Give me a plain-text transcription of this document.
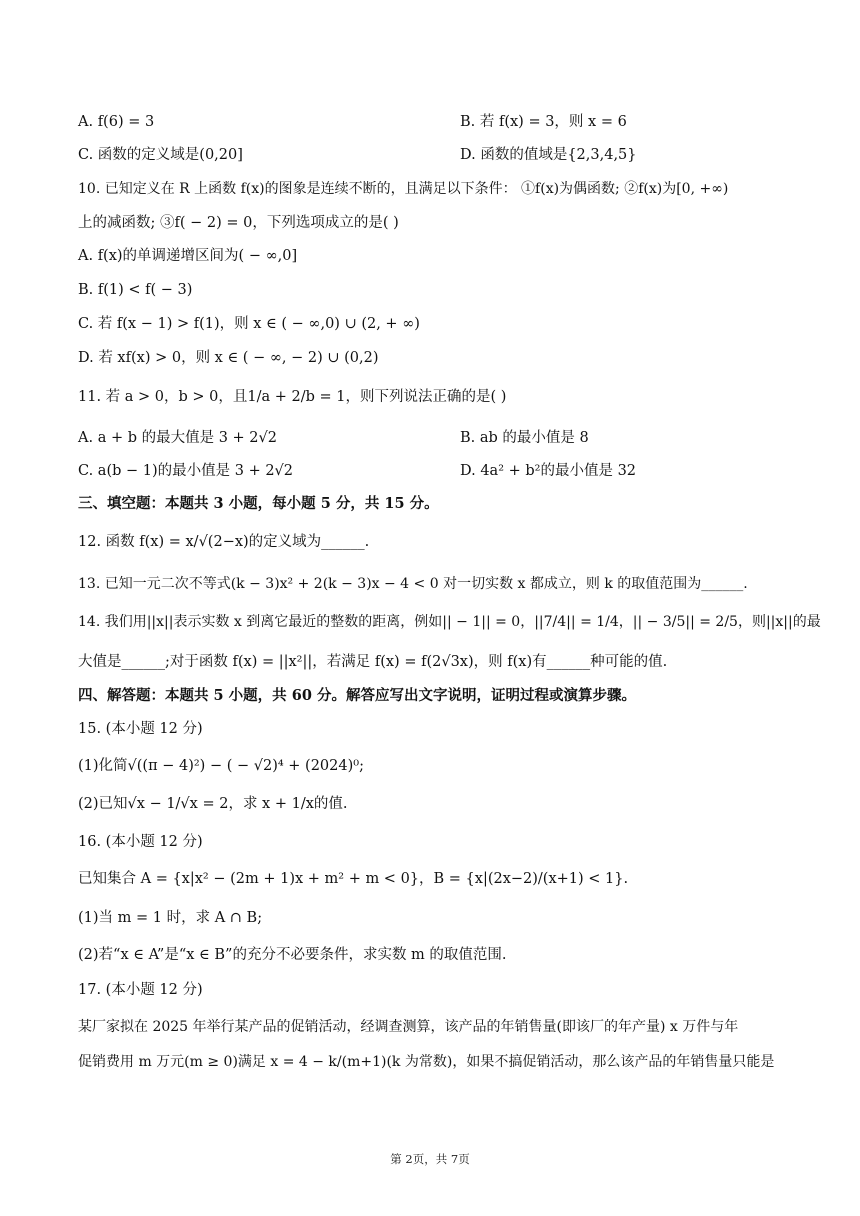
A. f(6) = 3	B. 若 f(x) = 3，则 x = 6
C. 函数的定义域是(0,20]	D. 函数的值域是{2,3,4,5}
10. 已知定义在 R 上函数 f(x)的图象是连续不断的，且满足以下条件： ①f(x)为偶函数; ②f(x)为[0, +∞)
上的减函数; ③f( − 2) = 0，下列选项成立的是( )
A. f(x)的单调递增区间为( − ∞,0]
B. f(1) < f( − 3)
C. 若 f(x − 1) > f(1)，则 x ∈ ( − ∞,0) ∪ (2, + ∞)
D. 若 xf(x) > 0，则 x ∈ ( − ∞, − 2) ∪ (0,2)
11. 若 a > 0，b > 0，且1/a + 2/b = 1，则下列说法正确的是( )
A. a + b 的最大值是 3 + 2√2	B. ab 的最小值是 8
C. a(b − 1)的最小值是 3 + 2√2	D. 4a² + b²的最小值是 32
三、填空题：本题共 3 小题，每小题 5 分，共 15 分。
12. 函数 f(x) = x/√(2−x)的定义域为______.
13. 已知一元二次不等式(k − 3)x² + 2(k − 3)x − 4 < 0 对一切实数 x 都成立，则 k 的取值范围为______.
14. 我们用||x||表示实数 x 到离它最近的整数的距离，例如|| − 1|| = 0，||7/4|| = 1/4，|| − 3/5|| = 2/5，则||x||的最
大值是______;对于函数 f(x) = ||x²||，若满足 f(x) = f(2√3x)，则 f(x)有______种可能的值.
四、解答题：本题共 5 小题，共 60 分。解答应写出文字说明，证明过程或演算步骤。
15. (本小题 12 分)
(1)化简√((π − 4)²) − ( − √2)⁴ + (2024)⁰;
(2)已知√x − 1/√x = 2，求 x + 1/x的值.
16. (本小题 12 分)
已知集合 A = {x|x² − (2m + 1)x + m² + m < 0}，B = {x|(2x−2)/(x+1) < 1}.
(1)当 m = 1 时，求 A ∩ B;
(2)若“x ∈ A”是“x ∈ B”的充分不必要条件，求实数 m 的取值范围.
17. (本小题 12 分)
某厂家拟在 2025 年举行某产品的促销活动，经调查测算，该产品的年销售量(即该厂的年产量) x 万件与年
促销费用 m 万元(m ≥ 0)满足 x = 4 − k/(m+1)(k 为常数)，如果不搞促销活动，那么该产品的年销售量只能是
第 2页，共 7页
